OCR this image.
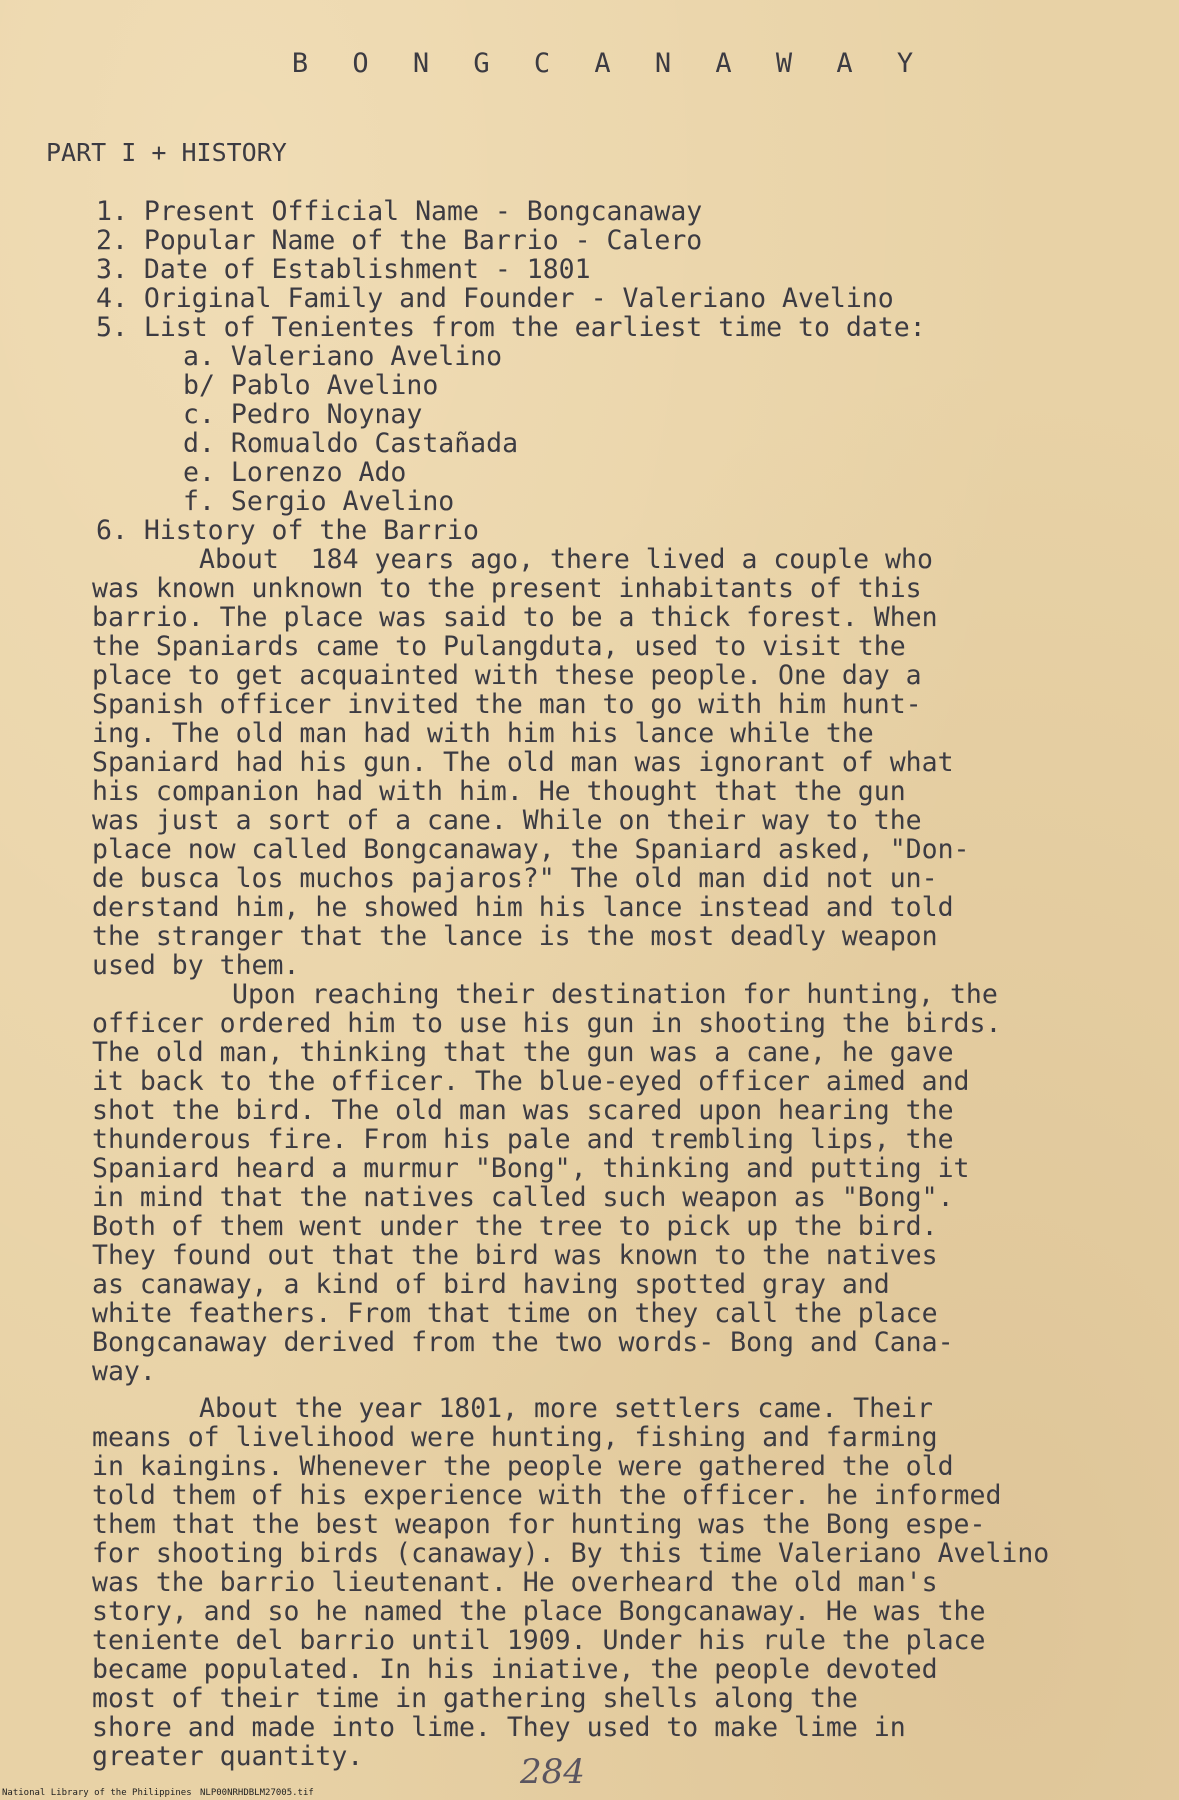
B O N G C A N A W A Y
PART I + HISTORY
1. Present Official Name - Bongcanaway
2. Popular Name of the Barrio - Calero
3. Date of Establishment - 1801
4. Original Family and Founder - Valeriano Avelino
5. List of Tenientes from the earliest time to date:
a. Valeriano Avelino
b/ Pablo Avelino
c. Pedro Noynay
d. Romualdo Castañada
e. Lorenzo Ado
f. Sergio Avelino
6. History of the Barrio
About  184 years ago, there lived a couple who
was known unknown to the present inhabitants of this
barrio. The place was said to be a thick forest. When
the Spaniards came to Pulangduta, used to visit the
place to get acquainted with these people. One day a
Spanish officer invited the man to go with him hunt-
ing. The old man had with him his lance while the
Spaniard had his gun. The old man was ignorant of what
his companion had with him. He thought that the gun
was just a sort of a cane. While on their way to the
place now called Bongcanaway, the Spaniard asked, "Don-
de busca los muchos pajaros?" The old man did not un-
derstand him, he showed him his lance instead and told
the stranger that the lance is the most deadly weapon
used by them.
Upon reaching their destination for hunting, the
officer ordered him to use his gun in shooting the birds.
The old man, thinking that the gun was a cane, he gave
it back to the officer. The blue-eyed officer aimed and
shot the bird. The old man was scared upon hearing the
thunderous fire. From his pale and trembling lips, the
Spaniard heard a murmur "Bong", thinking and putting it
in mind that the natives called such weapon as "Bong".
Both of them went under the tree to pick up the bird.
They found out that the bird was known to the natives
as canaway, a kind of bird having spotted gray and
white feathers. From that time on they call the place
Bongcanaway derived from the two words- Bong and Cana-
way.
About the year 1801, more settlers came. Their
means of livelihood were hunting, fishing and farming
in kaingins. Whenever the people were gathered the old
told them of his experience with the officer. he informed
them that the best weapon for hunting was the Bong espe-
for shooting birds (canaway). By this time Valeriano Avelino
was the barrio lieutenant. He overheard the old man's
story, and so he named the place Bongcanaway. He was the
teniente del barrio until 1909. Under his rule the place
became populated. In his iniative, the people devoted
most of their time in gathering shells along the
shore and made into lime. They used to make lime in
greater quantity.	284
National Library of the Philippines NLP00NRHDBLM27005.tif
